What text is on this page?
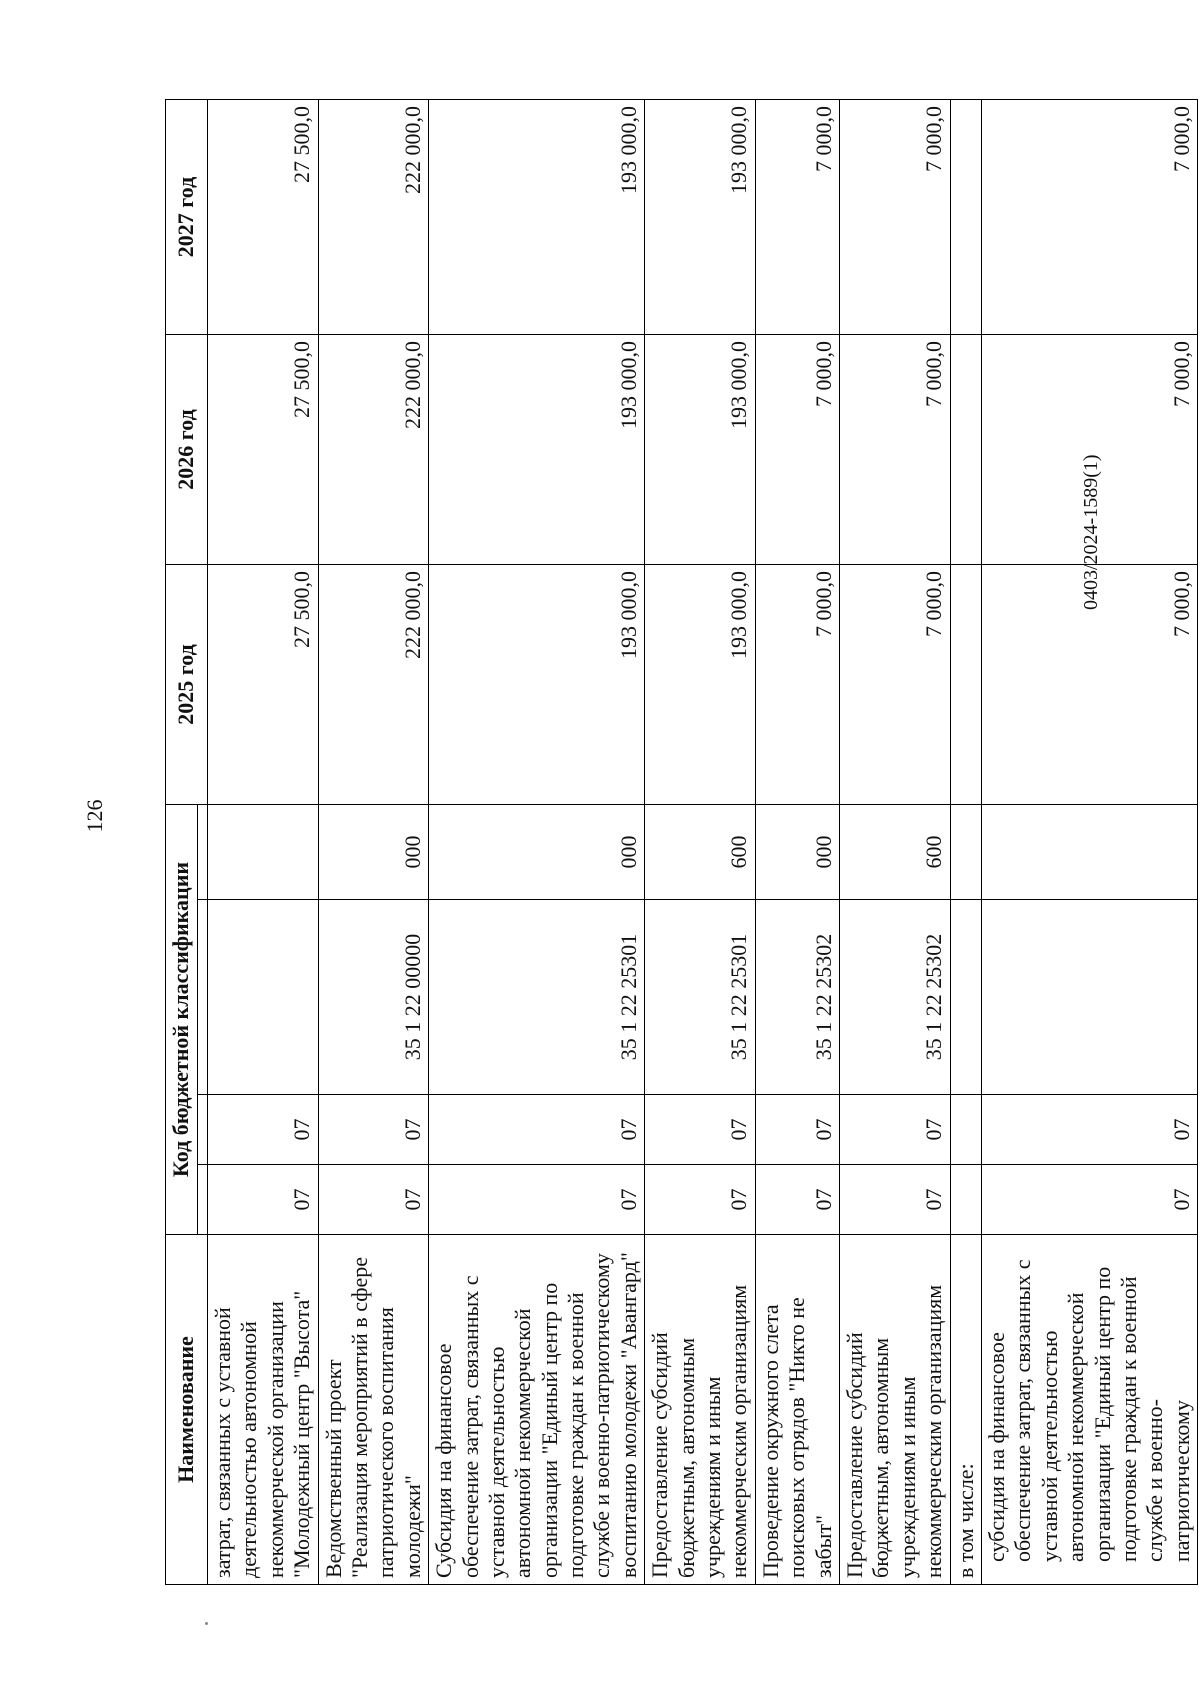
126
0403/2024-1589(1)
Наименование	Код бюджетной классификации				2025 год	2026 год	2027 год

затрат, связанных с уставной деятельностью автономной некоммерческой организации "Молодежный центр "Высота"	07	07			27 500,0	27 500,0	27 500,0
Ведомственный проект "Реализация мероприятий в сфере патриотического воспитания молодежи"	07	07	35 1 22 00000	000	222 000,0	222 000,0	222 000,0
Субсидия на финансовое обеспечение затрат, связанных с уставной деятельностью автономной некоммерческой организации "Единый центр по подготовке граждан к военной службе и военно-патриотическому воспитанию молодежи "Авангард"	07	07	35 1 22 25301	000	193 000,0	193 000,0	193 000,0
Предоставление субсидий бюджетным, автономным учреждениям и иным некоммерческим организациям	07	07	35 1 22 25301	600	193 000,0	193 000,0	193 000,0
Проведение окружного слета поисковых отрядов "Никто не забыт"	07	07	35 1 22 25302	000	7 000,0	7 000,0	7 000,0
Предоставление субсидий бюджетным, автономным учреждениям и иным некоммерческим организациям	07	07	35 1 22 25302	600	7 000,0	7 000,0	7 000,0
в том числе:							
субсидия на финансовое обеспечение затрат, связанных с уставной деятельностью автономной некоммерческой организации "Единый центр по подготовке граждан к военной службе и военно-патриотическому	07	07			7 000,0	7 000,0	7 000,0
